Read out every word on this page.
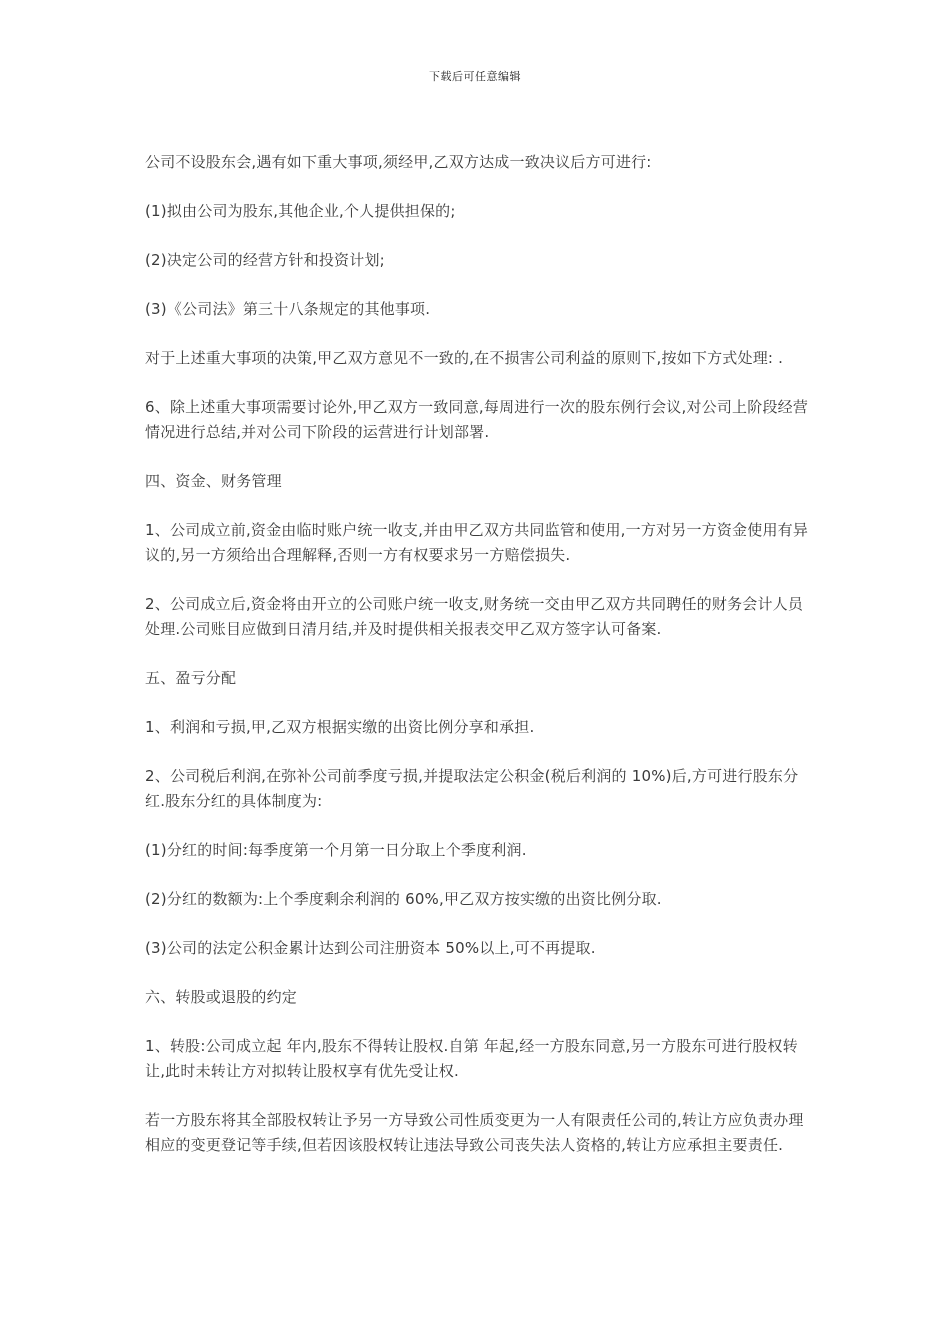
下载后可任意编辑

公司不设股东会,遇有如下重大事项,须经甲,乙双方达成一致决议后方可进行:

(1)拟由公司为股东,其他企业,个人提供担保的;

(2)决定公司的经营方针和投资计划;

(3)《公司法》第三十八条规定的其他事项.

对于上述重大事项的决策,甲乙双方意见不一致的,在不损害公司利益的原则下,按如下方式处理: .

6、除上述重大事项需要讨论外,甲乙双方一致同意,每周进行一次的股东例行会议,对公司上阶段经营情况进行总结,并对公司下阶段的运营进行计划部署.

四、资金、财务管理

1、公司成立前,资金由临时账户统一收支,并由甲乙双方共同监管和使用,一方对另一方资金使用有异议的,另一方须给出合理解释,否则一方有权要求另一方赔偿损失.

2、公司成立后,资金将由开立的公司账户统一收支,财务统一交由甲乙双方共同聘任的财务会计人员处理.公司账目应做到日清月结,并及时提供相关报表交甲乙双方签字认可备案.

五、盈亏分配

1、利润和亏损,甲,乙双方根据实缴的出资比例分享和承担.

2、公司税后利润,在弥补公司前季度亏损,并提取法定公积金(税后利润的 10%)后,方可进行股东分红.股东分红的具体制度为:

(1)分红的时间:每季度第一个月第一日分取上个季度利润.

(2)分红的数额为:上个季度剩余利润的 60%,甲乙双方按实缴的出资比例分取.

(3)公司的法定公积金累计达到公司注册资本 50%以上,可不再提取.

六、转股或退股的约定

1、转股:公司成立起 年内,股东不得转让股权.自第 年起,经一方股东同意,另一方股东可进行股权转让,此时未转让方对拟转让股权享有优先受让权.

若一方股东将其全部股权转让予另一方导致公司性质变更为一人有限责任公司的,转让方应负责办理相应的变更登记等手续,但若因该股权转让违法导致公司丧失法人资格的,转让方应承担主要责任.
